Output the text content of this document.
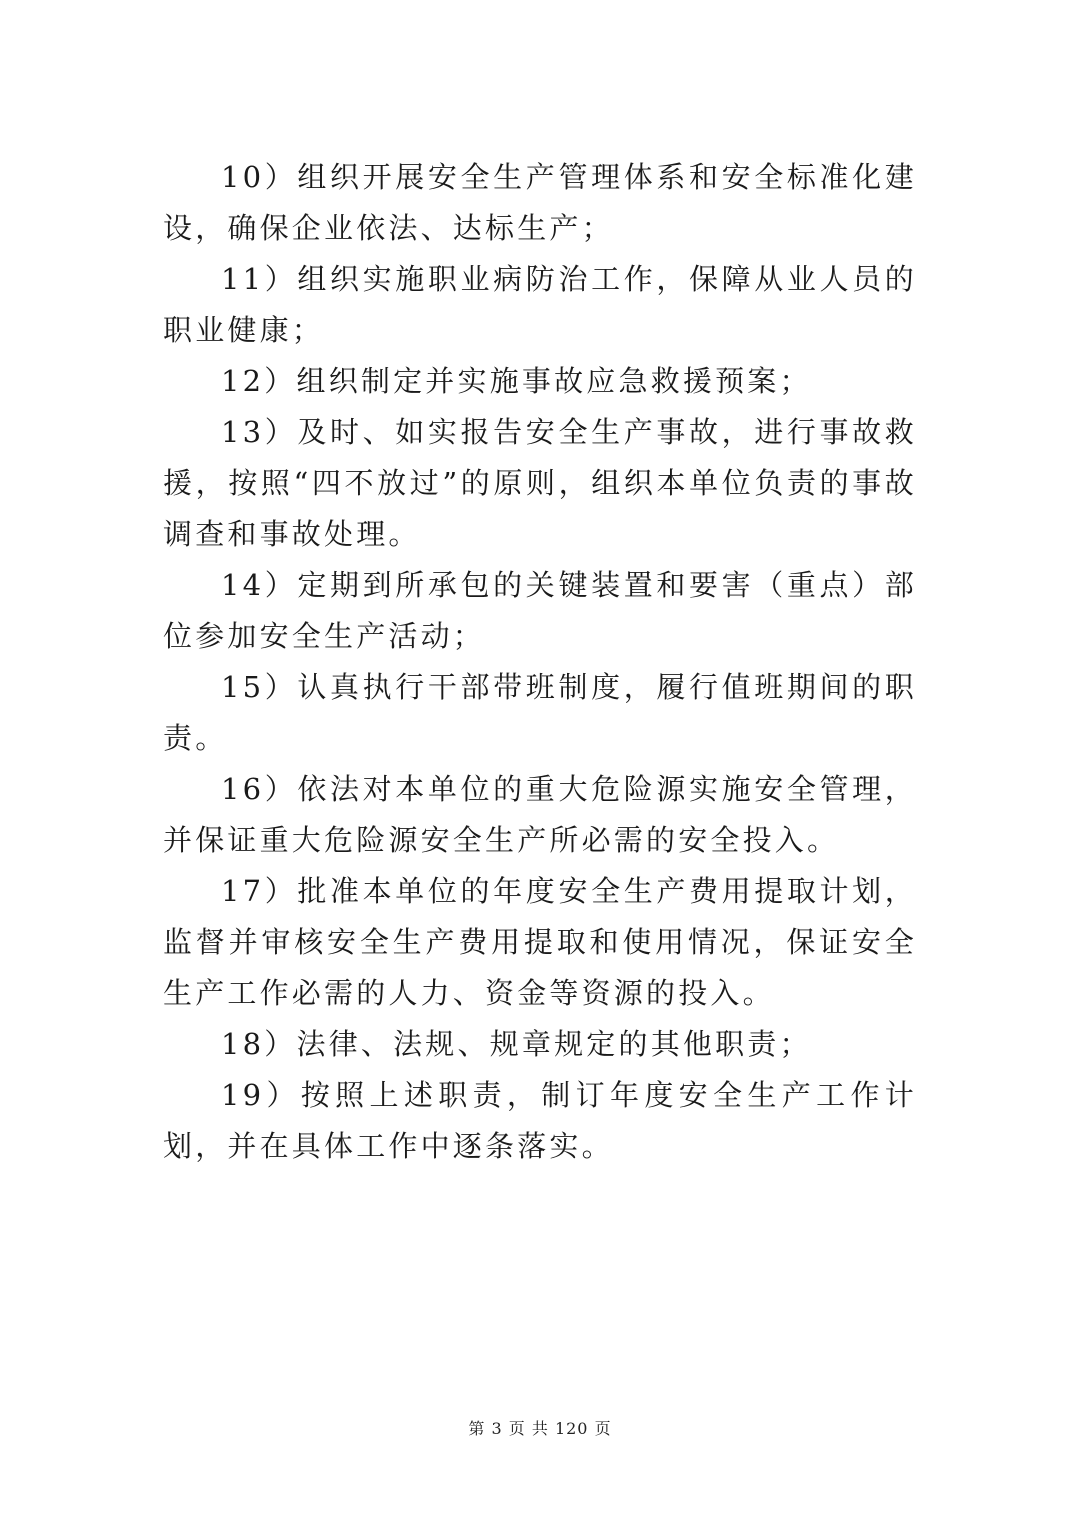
10）组织开展安全生产管理体系和安全标准化建设，确保企业依法、达标生产；

11）组织实施职业病防治工作，保障从业人员的职业健康；

12）组织制定并实施事故应急救援预案；

13）及时、如实报告安全生产事故，进行事故救援，按照“四不放过”的原则，组织本单位负责的事故调查和事故处理。

14）定期到所承包的关键装置和要害（重点）部位参加安全生产活动；

15）认真执行干部带班制度，履行值班期间的职责。

16）依法对本单位的重大危险源实施安全管理，并保证重大危险源安全生产所必需的安全投入。

17）批准本单位的年度安全生产费用提取计划，监督并审核安全生产费用提取和使用情况，保证安全生产工作必需的人力、资金等资源的投入。

18）法律、法规、规章规定的其他职责；

19）按照上述职责，制订年度安全生产工作计划，并在具体工作中逐条落实。

第 3 页 共 120 页
